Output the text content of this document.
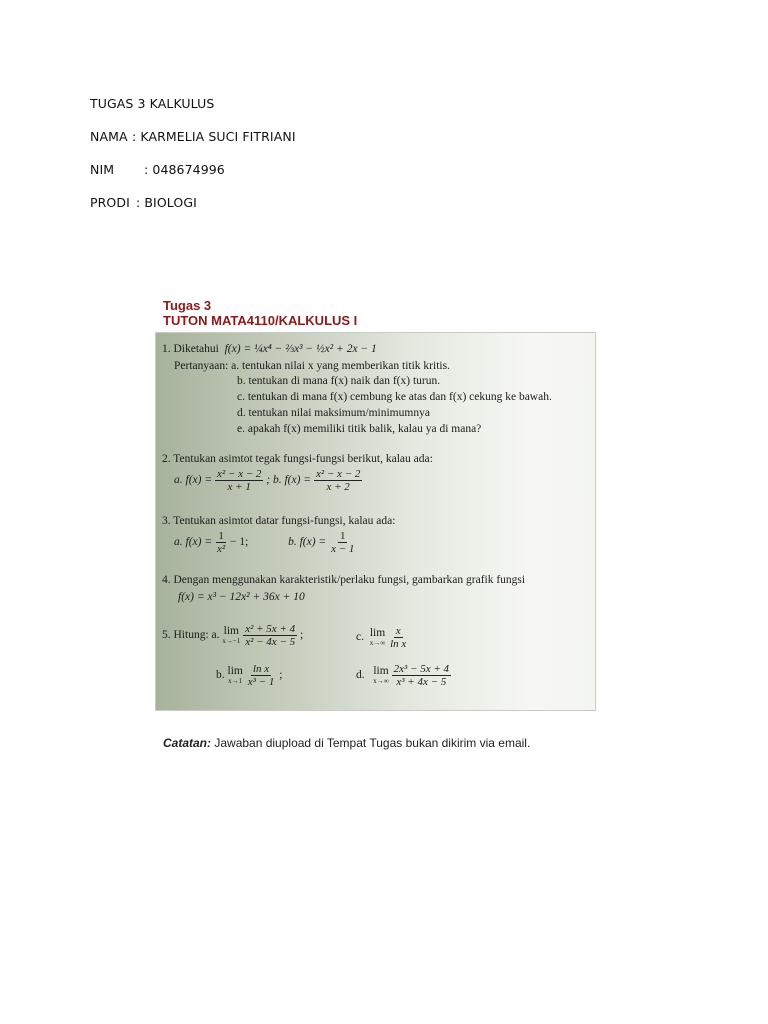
TUGAS 3 KALKULUS
NAMA : KARMELIA SUCI FITRIANI
NIM : 048674996
PRODI : BIOLOGI
Tugas 3
TUTON MATA4110/KALKULUS I
1. Diketahui f(x) = ¼x⁴ − ⅔x³ − ½x² + 2x − 1
Pertanyaan: a. tentukan nilai x yang memberikan titik kritis.
b. tentukan di mana f(x) naik dan f(x) turun.
c. tentukan di mana f(x) cembung ke atas dan f(x) cekung ke bawah.
d. tentukan nilai maksimum/minimumnya
e. apakah f(x) memiliki titik balik, kalau ya di mana?
2. Tentukan asimtot tegak fungsi-fungsi berikut, kalau ada:
a. $f(x) = \frac{\text{x² − x − 2}}{x + 1}$ ; b. $f(x) = \frac{\text{x² − x − 2}}{x + 2}$
3. Tentukan asimtot datar fungsi-fungsi, kalau ada:
a. $f(x) = \frac{1}{\text{x²}} - 1$;	b. $f(x) = \frac{1}{x - 1}$
4. Dengan menggunakan karakteristik/perlaku fungsi, gambarkan grafik fungsi
f(x) = x³ − 12x² + 36x + 10
5. Hitung: a. lim
x→−1
$\frac{\text{x² + 5x + 4}}{\text{x² − 4x − 5}}$ ;	c. lim
x→∞
$\frac{x}{\text{ln x}}$
b. lim
x→1
$\frac{\text{ln x}}{\text{x³ − 1}}$ ;	d. lim
x→∞
$\frac{\text{2x³ − 5x + 4}}{\text{x³ + 4x − 5}}$
Catatan: Jawaban diupload di Tempat Tugas bukan dikirim via email.
